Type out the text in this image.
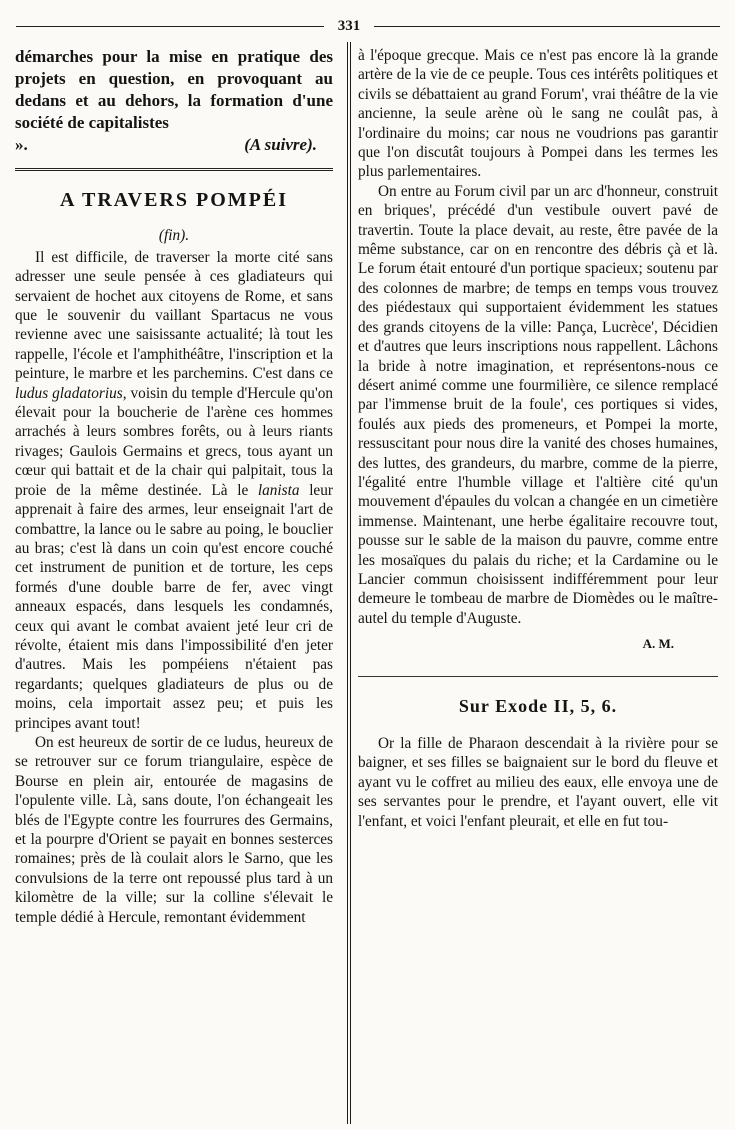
331

démarches pour la mise en pratique des projets en question, en provoquant au dedans et au dehors, la formation d'une société de capitalistes

».	(A suivre).
A TRAVERS POMPÉI

(fin).

Il est difficile, de traverser la morte cité sans adresser une seule pensée à ces gladiateurs qui servaient de hochet aux citoyens de Rome, et sans que le souvenir du vaillant Spartacus ne vous revienne avec une saisissante actualité; là tout les rappelle, l'école et l'amphithéâtre, l'inscription et la peinture, le marbre et les parchemins. C'est dans ce ludus gladatorius, voisin du temple d'Hercule qu'on élevait pour la boucherie de l'arène ces hommes arrachés à leurs sombres forêts, ou à leurs riants rivages; Gaulois Germains et grecs, tous ayant un cœur qui battait et de la chair qui palpitait, tous la proie de la même destinée. Là le lanista leur apprenait à faire des armes, leur enseignait l'art de combattre, la lance ou le sabre au poing, le bouclier au bras; c'est là dans un coin qu'est encore couché cet instrument de punition et de torture, les ceps formés d'une double barre de fer, avec vingt anneaux espacés, dans lesquels les condamnés, ceux qui avant le combat avaient jeté leur cri de révolte, étaient mis dans l'impossibilité d'en jeter d'autres. Mais les pompéiens n'étaient pas regardants; quelques gladiateurs de plus ou de moins, cela importait assez peu; et puis les principes avant tout!

On est heureux de sortir de ce ludus, heureux de se retrouver sur ce forum triangulaire, espèce de Bourse en plein air, entourée de magasins de l'opulente ville. Là, sans doute, l'on échangeait les blés de l'Egypte contre les fourrures des Germains, et la pourpre d'Orient se payait en bonnes sesterces romaines; près de là coulait alors le Sarno, que les convulsions de la terre ont repoussé plus tard à un kilomètre de la ville; sur la colline s'élevait le temple dédié à Hercule, remontant évidemment

à l'époque grecque. Mais ce n'est pas encore là la grande artère de la vie de ce peuple. Tous ces intérêts politiques et civils se débattaient au grand Forum', vrai théâtre de la vie ancienne, la seule arène où le sang ne coulât pas, à l'ordinaire du moins; car nous ne voudrions pas garantir que l'on discutât toujours à Pompei dans les termes les plus parlementaires.

On entre au Forum civil par un arc d'honneur, construit en briques', précédé d'un vestibule ouvert pavé de travertin. Toute la place devait, au reste, être pavée de la même substance, car on en rencontre des débris çà et là. Le forum était entouré d'un portique spacieux; soutenu par des colonnes de marbre; de temps en temps vous trouvez des piédestaux qui supportaient évidemment les statues des grands citoyens de la ville: Pança, Lucrèce', Décidien et d'autres que leurs inscriptions nous rappellent. Lâchons la bride à notre imagination, et représentons-nous ce désert animé comme une fourmilière, ce silence remplacé par l'immense bruit de la foule', ces portiques si vides, foulés aux pieds des promeneurs, et Pompei la morte, ressuscitant pour nous dire la vanité des choses humaines, des luttes, des grandeurs, du marbre, comme de la pierre, l'égalité entre l'humble village et l'altière cité qu'un mouvement d'épaules du volcan a changée en un cimetière immense. Maintenant, une herbe égalitaire recouvre tout, pousse sur le sable de la maison du pauvre, comme entre les mosaïques du palais du riche; et la Cardamine ou le Lancier commun choisissent indifféremment pour leur demeure le tombeau de marbre de Diomèdes ou le maître-autel du temple d'Auguste.

A. M.

Sur Exode II, 5, 6.

Or la fille de Pharaon descendait à la rivière pour se baigner, et ses filles se baignaient sur le bord du fleuve et ayant vu le coffret au milieu des eaux, elle envoya une de ses servantes pour le prendre, et l'ayant ouvert, elle vit l'enfant, et voici l'enfant pleurait, et elle en fut tou-
